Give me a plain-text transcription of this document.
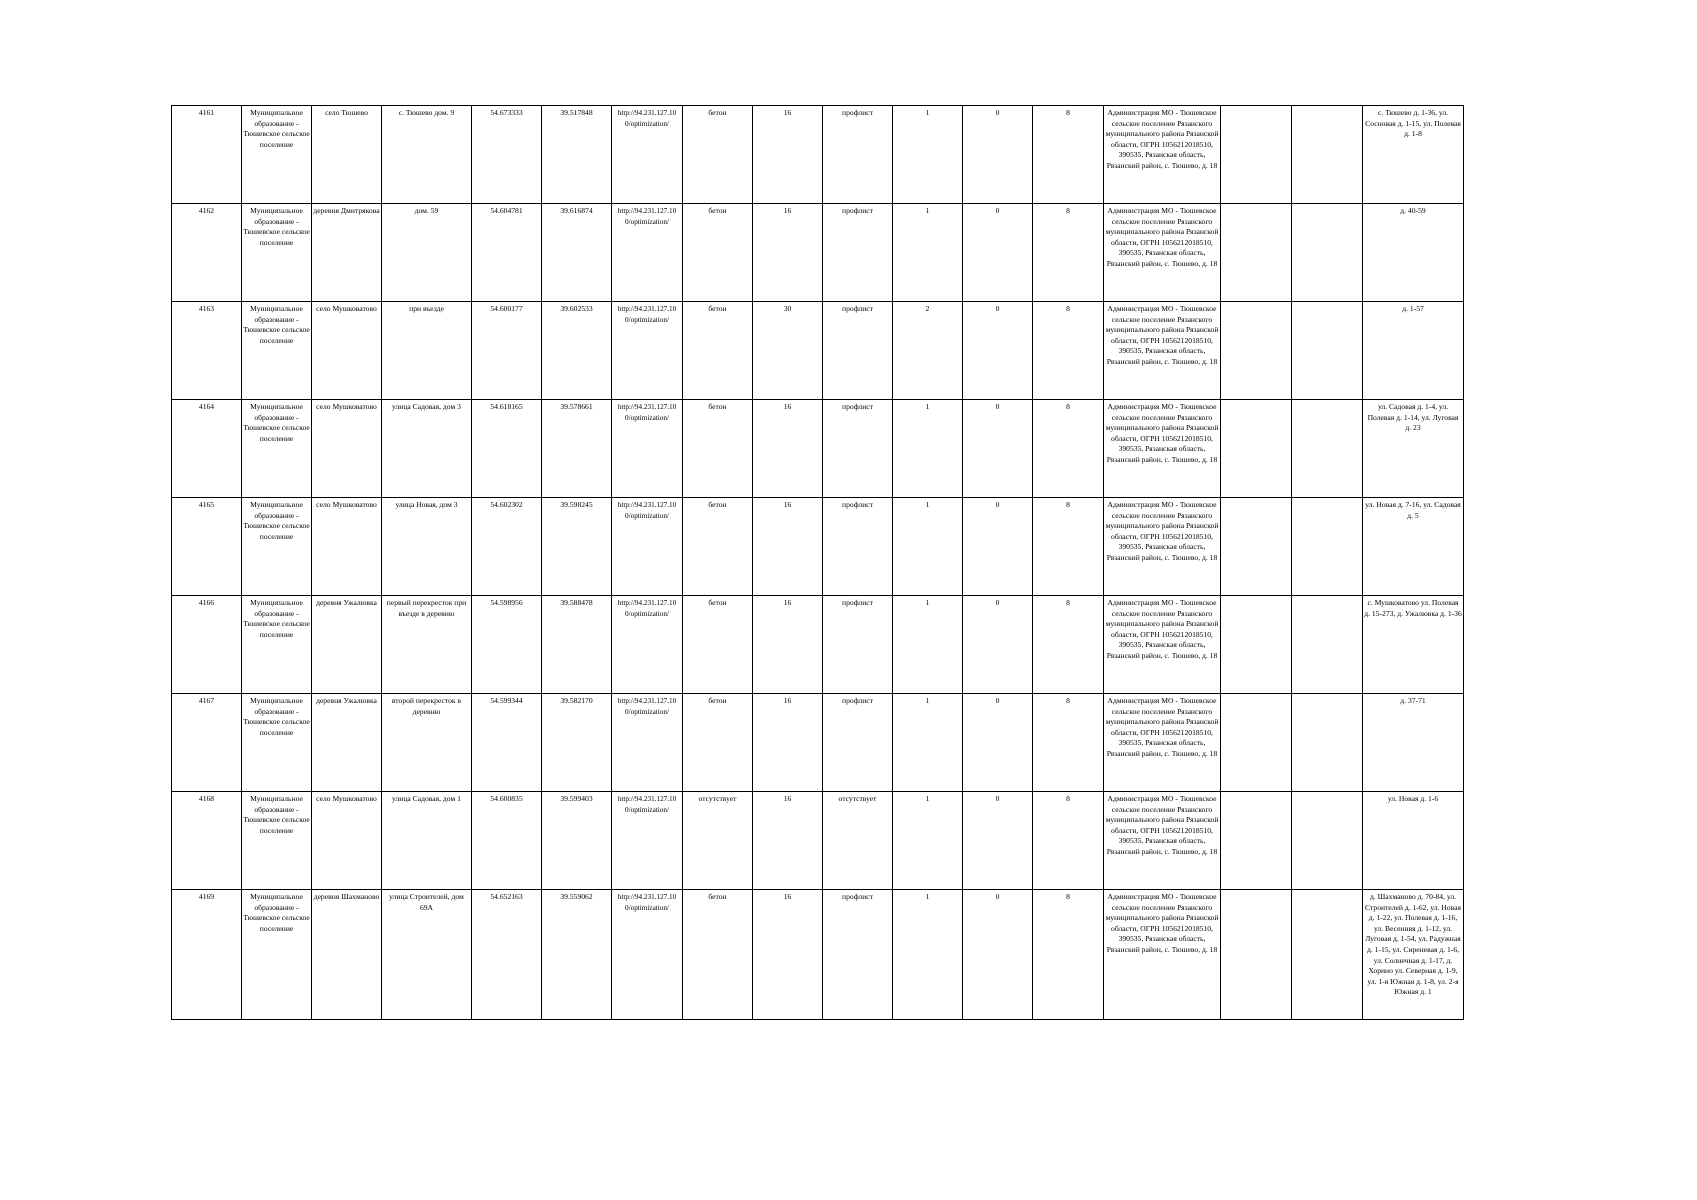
4161	Муниципальное образование - Тюшевское сельское поселение	село Тюшево	с. Тюшево дом. 9	54.673333	39.517848	http://94.231.127.10 0/optimization/	бетон	16	профлист	1	0	8	Администрация МО - Тюшевское сельское поселение Рязанского муниципального района Рязанской области, ОГРН 1056212018510, 390535, Рязанская область, Рязанский район, с. Тюшево, д. 18			с. Тюшево д. 1-36, ул. Сосновая д. 1-15, ул. Полевая д. 1-8
4162	Муниципальное образование - Тюшевское сельское поселение	деревня Дмитрякова	дом. 59	54.604781	39.616874	http://94.231.127.10 0/optimization/	бетон	16	профлист	1	0	8	Администрация МО - Тюшевское сельское поселение Рязанского муниципального района Рязанской области, ОГРН 1056212018510, 390535, Рязанская область, Рязанский район, с. Тюшево, д. 18			д. 40-59
4163	Муниципальное образование - Тюшевское сельское поселение	село Мушковатово	при въезде	54.600177	39.602533	http://94.231.127.10 0/optimization/	бетон	30	профлист	2	0	8	Администрация МО - Тюшевское сельское поселение Рязанского муниципального района Рязанской области, ОГРН 1056212018510, 390535, Рязанская область, Рязанский район, с. Тюшево, д. 18			д. 1-57
4164	Муниципальное образование - Тюшевское сельское поселение	село Мушковатово	улица Садовая, дом 3	54.618165	39.578661	http://94.231.127.10 0/optimization/	бетон	16	профлист	1	0	8	Администрация МО - Тюшевское сельское поселение Рязанского муниципального района Рязанской области, ОГРН 1056212018510, 390535, Рязанская область, Рязанский район, с. Тюшево, д. 18			ул. Садовая д. 1-4, ул. Полевая д. 1-14, ул. Луговая д. 23
4165	Муниципальное образование - Тюшевское сельское поселение	село Мушковатово	улица Новая, дом 3	54.602302	39.598245	http://94.231.127.10 0/optimization/	бетон	16	профлист	1	0	8	Администрация МО - Тюшевское сельское поселение Рязанского муниципального района Рязанской области, ОГРН 1056212018510, 390535, Рязанская область, Рязанский район, с. Тюшево, д. 18			ул. Новая д. 7-16, ул. Садовая д. 5
4166	Муниципальное образование - Тюшевское сельское поселение	деревня Ужалювка	первый перекресток при въезде в деревню	54.598956	39.588478	http://94.231.127.10 0/optimization/	бетон	16	профлист	1	0	8	Администрация МО - Тюшевское сельское поселение Рязанского муниципального района Рязанской области, ОГРН 1056212018510, 390535, Рязанская область, Рязанский район, с. Тюшево, д. 18			с. Мушковатово ул. Полевая д. 15-273, д. Ужалювка д. 1-36
4167	Муниципальное образование - Тюшевское сельское поселение	деревня Ужалювка	второй перекресток в деревню	54.599344	39.582170	http://94.231.127.10 0/optimization/	бетон	16	профлист	1	0	8	Администрация МО - Тюшевское сельское поселение Рязанского муниципального района Рязанской области, ОГРН 1056212018510, 390535, Рязанская область, Рязанский район, с. Тюшево, д. 18			д. 37-71
4168	Муниципальное образование - Тюшевское сельское поселение	село Мушковатово	улица Садовая, дом 1	54.600835	39.599403	http://94.231.127.10 0/optimization/	отсутствует	16	отсутствует	1	0	8	Администрация МО - Тюшевское сельское поселение Рязанского муниципального района Рязанской области, ОГРН 1056212018510, 390535, Рязанская область, Рязанский район, с. Тюшево, д. 18			ул. Новая д. 1-6
4169	Муниципальное образование - Тюшевское сельское поселение	деревня Шахманово	улица Строителей, дом 69А	54.652163	39.559062	http://94.231.127.10 0/optimization/	бетон	16	профлист	1	0	8	Администрация МО - Тюшевское сельское поселение Рязанского муниципального района Рязанской области, ОГРН 1056212018510, 390535, Рязанская область, Рязанский район, с. Тюшево, д. 18			д. Шахманово д. 70-84, ул. Строителей д. 1-62, ул. Новая д. 1-22, ул. Полевая д. 1-16, ул. Весенняя д. 1-12, ул. Луговая д. 1-54, ул. Радужная д. 1-15, ул. Сиреневая д. 1-6, ул. Солнечная д. 1-17, д. Хорино ул. Северная д. 1-9, ул. 1-я Южная д. 1-8, ул. 2-я Южная д. 1
